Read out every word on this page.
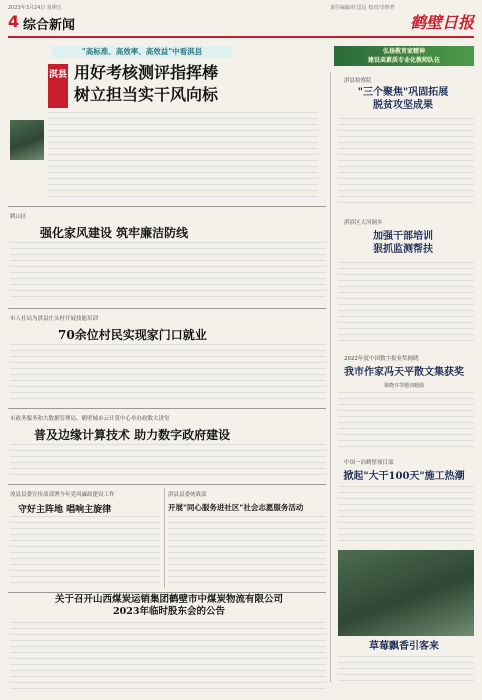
2023年3月24日 星期五	责任编辑/任思远 校对/李辉哲
4 综合新闻	鹤壁日报
"高标准、高效率、高效益"中看淇县
淇县 用好考核测评指挥棒
树立担当实干风向标
弘扬教育家精神
建设高素质专业化教师队伍
淇县检察院
"三个聚焦"巩固拓展
脱贫攻坚成果
鹤山区
强化家风建设 筑牢廉洁防线
淇滨区大河涧乡
加强干部培训
狠抓监测帮扶
市人社局为淇县庄头村开展技能培训
70余位村民实现家门口就业
2022年度中国数字报业奖揭晓
我市作家冯天平散文集获奖
梁晓卉等题词勉励
市政务服务和大数据管理局、鹤壁城市云计算中心举办政数大讲堂
普及边缘计算技术 助力数字政府建设
中国一冶鹤壁项目部
掀起"大干100天"施工热潮
草莓飘香引客来
浚县县委宣传部部署今年党风廉政建设工作
守好主阵地 唱响主旋律
淇县县委统战部
开展"同心服务进社区"社会志愿服务活动
关于召开山西煤炭运销集团鹤壁市中煤炭物流有限公司
2023年临时股东会的公告
